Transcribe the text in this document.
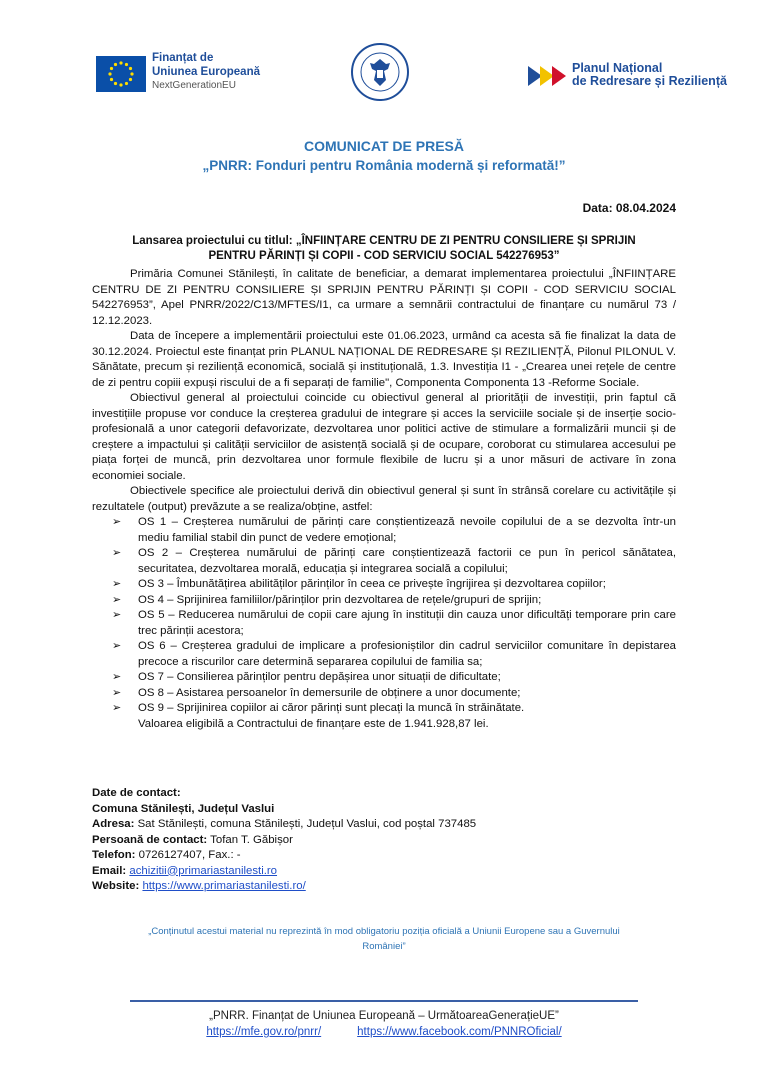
Finanțat de
Uniunea Europeană
NextGenerationEU
Planul Național
de Redresare și Reziliență
COMUNICAT DE PRESĂ
„PNRR: Fonduri pentru România modernă și reformată!”
Data: 08.04.2024
Lansarea proiectului cu titlul: „ÎNFIINȚARE CENTRU DE ZI PENTRU CONSILIERE ȘI SPRIJIN
PENTRU PĂRINȚI ȘI COPII - COD SERVICIU SOCIAL 542276953”

Primăria Comunei Stănilești, în calitate de beneficiar, a demarat implementarea proiectului „ÎNFIINȚARE CENTRU DE ZI PENTRU CONSILIERE ȘI SPRIJIN PENTRU PĂRINȚI ȘI COPII - COD SERVICIU SOCIAL 542276953”, Apel PNRR/2022/C13/MFTES/I1, ca urmare a semnării contractului de finanțare cu numărul 73 / 12.12.2023.

Data de începere a implementării proiectului este 01.06.2023, urmând ca acesta să fie finalizat la data de 30.12.2024. Proiectul este finanțat prin PLANUL NAȚIONAL DE REDRESARE ȘI REZILIENȚĂ, Pilonul PILONUL V. Sănătate, precum și reziliență economică, socială și instituțională, 1.3. Investiția I1 - „Crearea unei rețele de centre de zi pentru copiii expuși riscului de a fi separați de familie", Componenta Componenta 13 -Reforme Sociale.

Obiectivul general al proiectului coincide cu obiectivul general al priorității de investiții, prin faptul că investițiile propuse vor conduce la creșterea gradului de integrare și acces la serviciile sociale și de inserție socio-profesională a unor categorii defavorizate, dezvoltarea unor politici active de stimulare a formalizării muncii și de creștere a impactului și calității serviciilor de asistență socială și de ocupare, coroborat cu stimularea accesului pe piața forței de muncă, prin dezvoltarea unor formule flexibile de lucru și a unor măsuri de activare în zona economiei sociale.

Obiectivele specifice ale proiectului derivă din obiectivul general și sunt în strânsă corelare cu activitățile și rezultatele (output) prevăzute a se realiza/obține, astfel:

➢ OS 1 – Creșterea numărului de părinți care conștientizează nevoile copilului de a se dezvolta într-un mediu familial stabil din punct de vedere emoțional;
➢ OS 2 – Creșterea numărului de părinți care conștientizează factorii ce pun în pericol sănătatea, securitatea, dezvoltarea morală, educația și integrarea socială a copilului;
➢ OS 3 – Îmbunătățirea abilităților părinților în ceea ce privește îngrijirea și dezvoltarea copiilor;
➢ OS 4 – Sprijinirea familiilor/părinților prin dezvoltarea de rețele/grupuri de sprijin;
➢ OS 5 – Reducerea numărului de copii care ajung în instituții din cauza unor dificultăți temporare prin care trec părinții acestora;
➢ OS 6 – Creșterea gradului de implicare a profesioniștilor din cadrul serviciilor comunitare în depistarea precoce a riscurilor care determină separarea copilului de familia sa;
➢ OS 7 – Consilierea părinților pentru depășirea unor situații de dificultate;
➢ OS 8 – Asistarea persoanelor în demersurile de obținere a unor documente;
➢ OS 9 – Sprijinirea copiilor ai căror părinți sunt plecați la muncă în străinătate.

Valoarea eligibilă a Contractului de finanțare este de 1.941.928,87 lei.

Date de contact:
Comuna Stănilești, Județul Vaslui
Adresa: Sat Stănilești, comuna Stănilești, Județul Vaslui, cod poștal 737485
Persoană de contact: Tofan T. Găbișor
Telefon: 0726127407, Fax.: -
Email: achizitii@primariastanilesti.ro
Website: https://www.primariastanilesti.ro/
„Conținutul acestui material nu reprezintă în mod obligatoriu poziția oficială a Uniunii Europene sau a Guvernului
României”
„PNRR. Finanțat de Uniunea Europeană – UrmătoareaGenerațieUE”
https://mfe.gov.ro/pnrr/	https://www.facebook.com/PNNROficial/
